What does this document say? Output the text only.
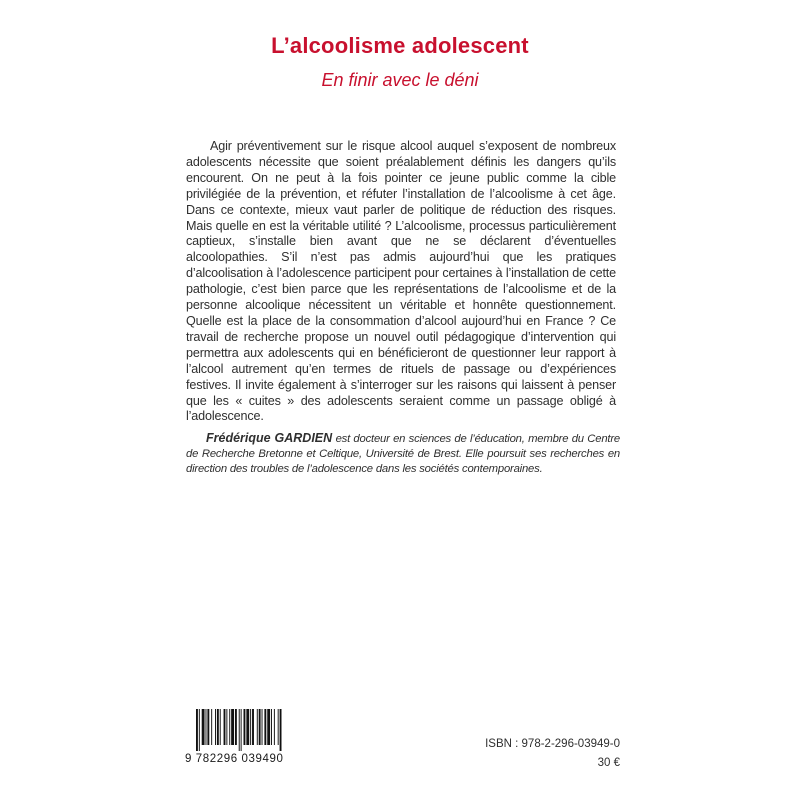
L’alcoolisme adolescent
En finir avec le déni
Agir préventivement sur le risque alcool auquel s’exposent de nombreux adolescents nécessite que soient préalablement définis les dangers qu’ils encourent. On ne peut à la fois pointer ce jeune public comme la cible privilégiée de la prévention, et réfuter l’installation de l’alcoolisme à cet âge. Dans ce contexte, mieux vaut parler de politique de réduction des risques. Mais quelle en est la véritable utilité ? L’alcoolisme, processus particulièrement captieux, s’installe bien avant que ne se déclarent d’éventuelles alcoolopathies. S’il n’est pas admis aujourd’hui que les pratiques d’alcoolisation à l’adolescence participent pour certaines à l’installation de cette pathologie, c’est bien parce que les représentations de l’alcoolisme et de la personne alcoolique nécessitent un véritable et honnête questionnement. Quelle est la place de la consommation d’alcool aujourd’hui en France ? Ce travail de recherche propose un nouvel outil pédagogique d’intervention qui permettra aux adolescents qui en bénéficieront de questionner leur rapport à l’alcool autrement qu’en termes de rituels de passage ou d’expériences festives. Il invite également à s’interroger sur les raisons qui laissent à penser que les « cuites » des adolescents seraient comme un passage obligé à l’adolescence.
Frédérique GARDIEN est docteur en sciences de l’éducation, membre du Centre de Recherche Bretonne et Celtique, Université de Brest. Elle poursuit ses recherches en direction des troubles de l’adolescence dans les sociétés contemporaines.
9 782296 039490
ISBN : 978-2-296-03949-0
30 €
